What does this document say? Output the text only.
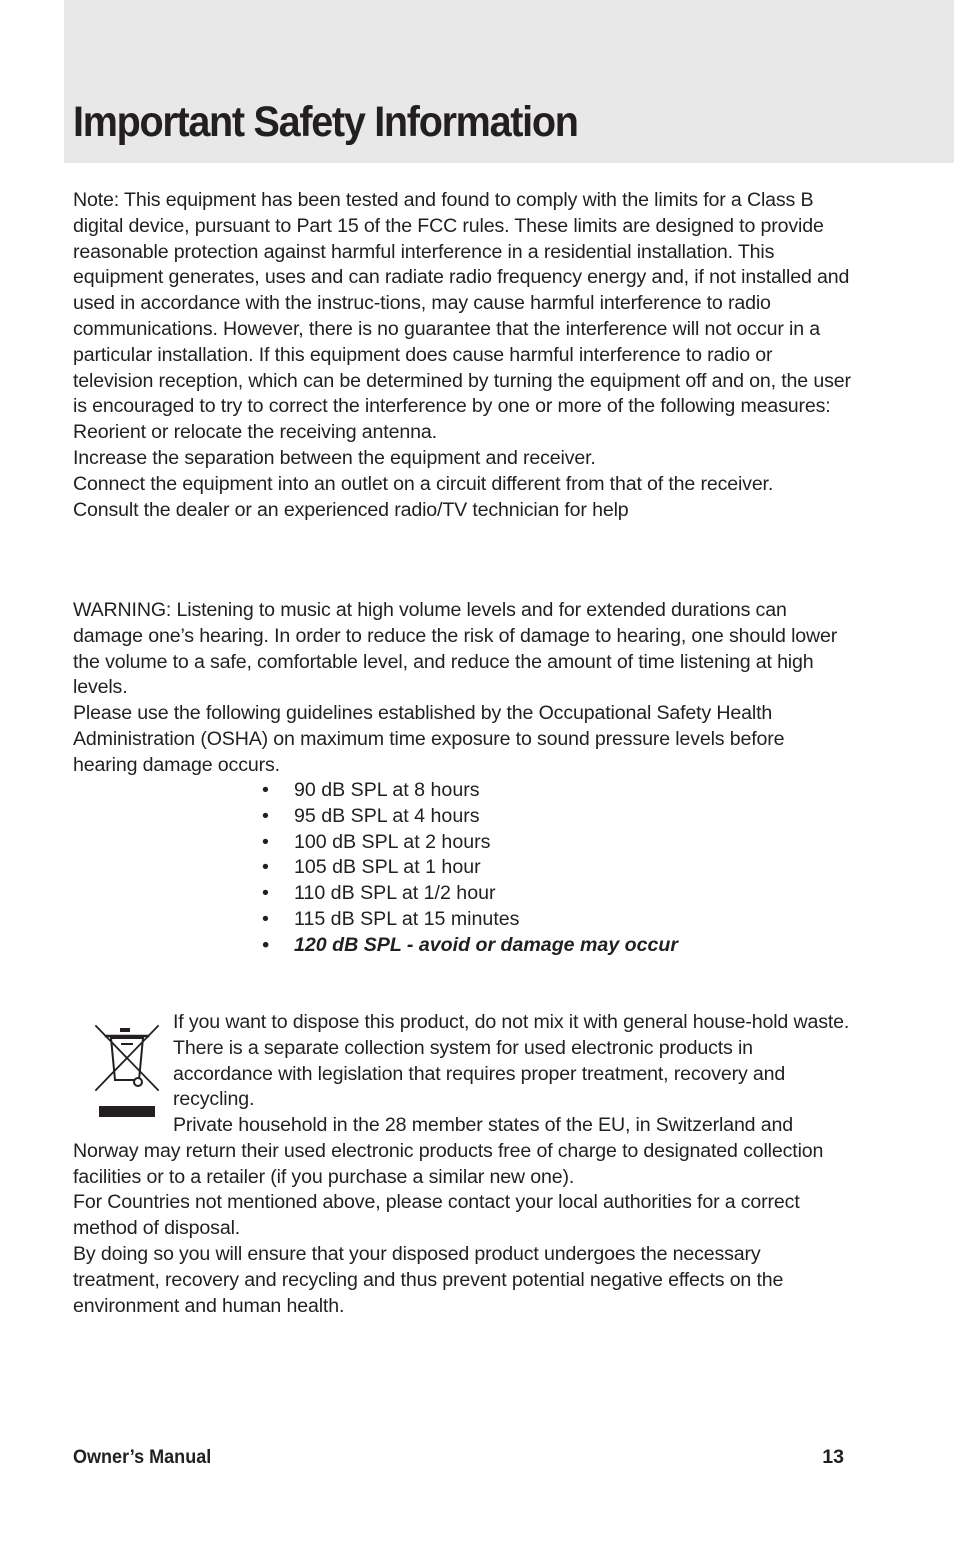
Important Safety Information

Note: This equipment has been tested and found to comply with the limits for a Class B digital device, pursuant to Part 15 of the FCC rules. These limits are designed to provide reasonable protection against harmful interference in a residential installation. This equipment generates, uses and can radiate radio frequency energy and, if not installed and used in accordance with the instruc-tions, may cause harmful interference to radio communications. However, there is no guarantee that the interference will not occur in a particular installation. If this equipment does cause harmful interference to radio or television reception, which can be determined by turning the equipment off and on, the user is encouraged to try to correct the interference by one or more of the following measures:

Reorient or relocate the receiving antenna.

Increase the separation between the equipment and receiver.

Connect the equipment into an outlet on a circuit different from that of the receiver.

Consult the dealer or an experienced radio/TV technician for help

WARNING: Listening to music at high volume levels and for extended durations can damage one’s hearing. In order to reduce the risk of damage to hearing, one should lower the volume to a safe, comfortable level, and reduce the amount of time listening at high levels.

Please use the following guidelines established by the Occupational Safety Health Administration (OSHA) on maximum time exposure to sound pressure levels before hearing damage occurs.

• 90 dB SPL at 8 hours
• 95 dB SPL at 4 hours
• 100 dB SPL at 2 hours
• 105 dB SPL at 1 hour
• 110 dB SPL at 1/2 hour
• 115 dB SPL at 15 minutes
• 120 dB SPL - avoid or damage may occur

If you want to dispose this product, do not mix it with general house-hold waste. There is a separate collection system for used electronic products in accordance with legislation that requires proper treatment, recovery and recycling.

Private household in the 28 member states of the EU, in Switzerland and Norway may return their used electronic products free of charge to designated collection facilities or to a retailer (if you purchase a similar new one).

For Countries not mentioned above, please contact your local authorities for a correct method of disposal.

By doing so you will ensure that your disposed product undergoes the necessary treatment, recovery and recycling and thus prevent potential negative effects on the environment and human health.

Owner’s Manual	13
